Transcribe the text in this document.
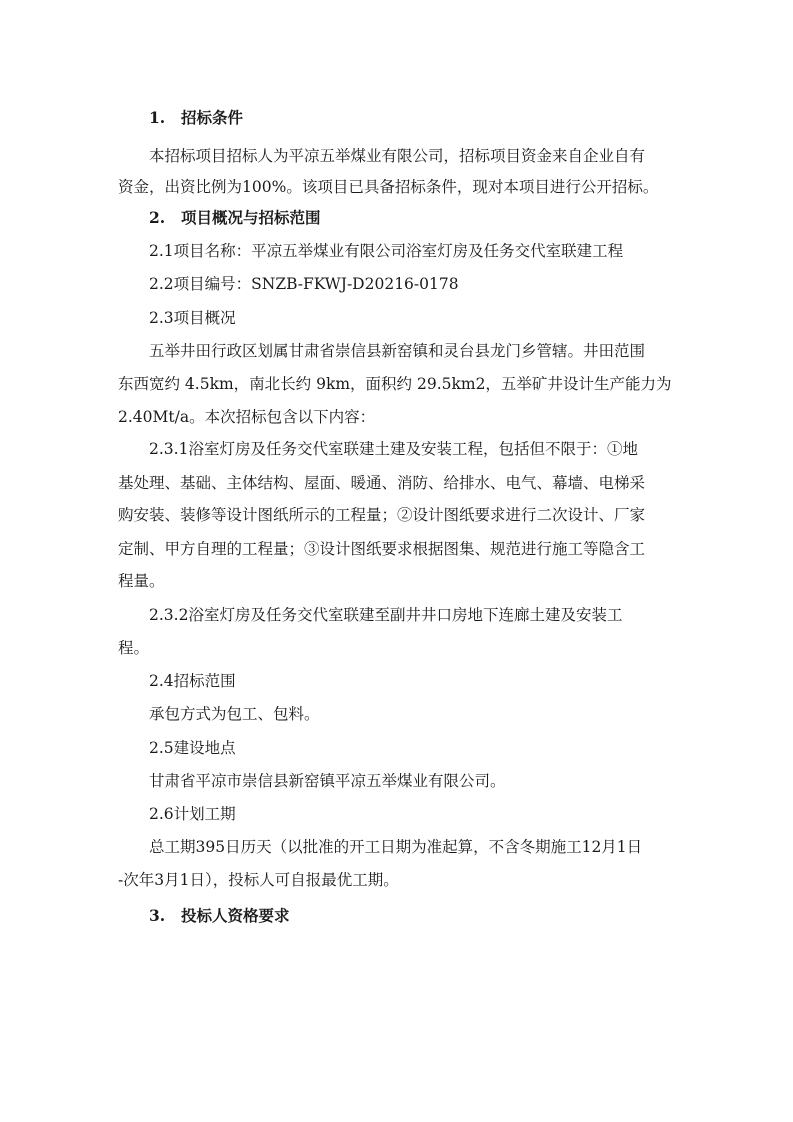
1. 招标条件
本招标项目招标人为平凉五举煤业有限公司，招标项目资金来自企业自有
资金，出资比例为100%。该项目已具备招标条件，现对本项目进行公开招标。
2. 项目概况与招标范围
2.1项目名称：平凉五举煤业有限公司浴室灯房及任务交代室联建工程
2.2项目编号：SNZB-FKWJ-D20216-0178
2.3项目概况
五举井田行政区划属甘肃省崇信县新窑镇和灵台县龙门乡管辖。井田范围
东西宽约 4.5km，南北长约 9km，面积约 29.5km2，五举矿井设计生产能力为
2.40Mt/a。本次招标包含以下内容：
2.3.1浴室灯房及任务交代室联建土建及安装工程，包括但不限于：①地
基处理、基础、主体结构、屋面、暖通、消防、给排水、电气、幕墙、电梯采
购安装、装修等设计图纸所示的工程量；②设计图纸要求进行二次设计、厂家
定制、甲方自理的工程量；③设计图纸要求根据图集、规范进行施工等隐含工
程量。
2.3.2浴室灯房及任务交代室联建至副井井口房地下连廊土建及安装工
程。
2.4招标范围
承包方式为包工、包料。
2.5建设地点
甘肃省平凉市崇信县新窑镇平凉五举煤业有限公司。
2.6计划工期
总工期395日历天（以批准的开工日期为准起算，不含冬期施工12月1日
-次年3月1日），投标人可自报最优工期。
3. 投标人资格要求
